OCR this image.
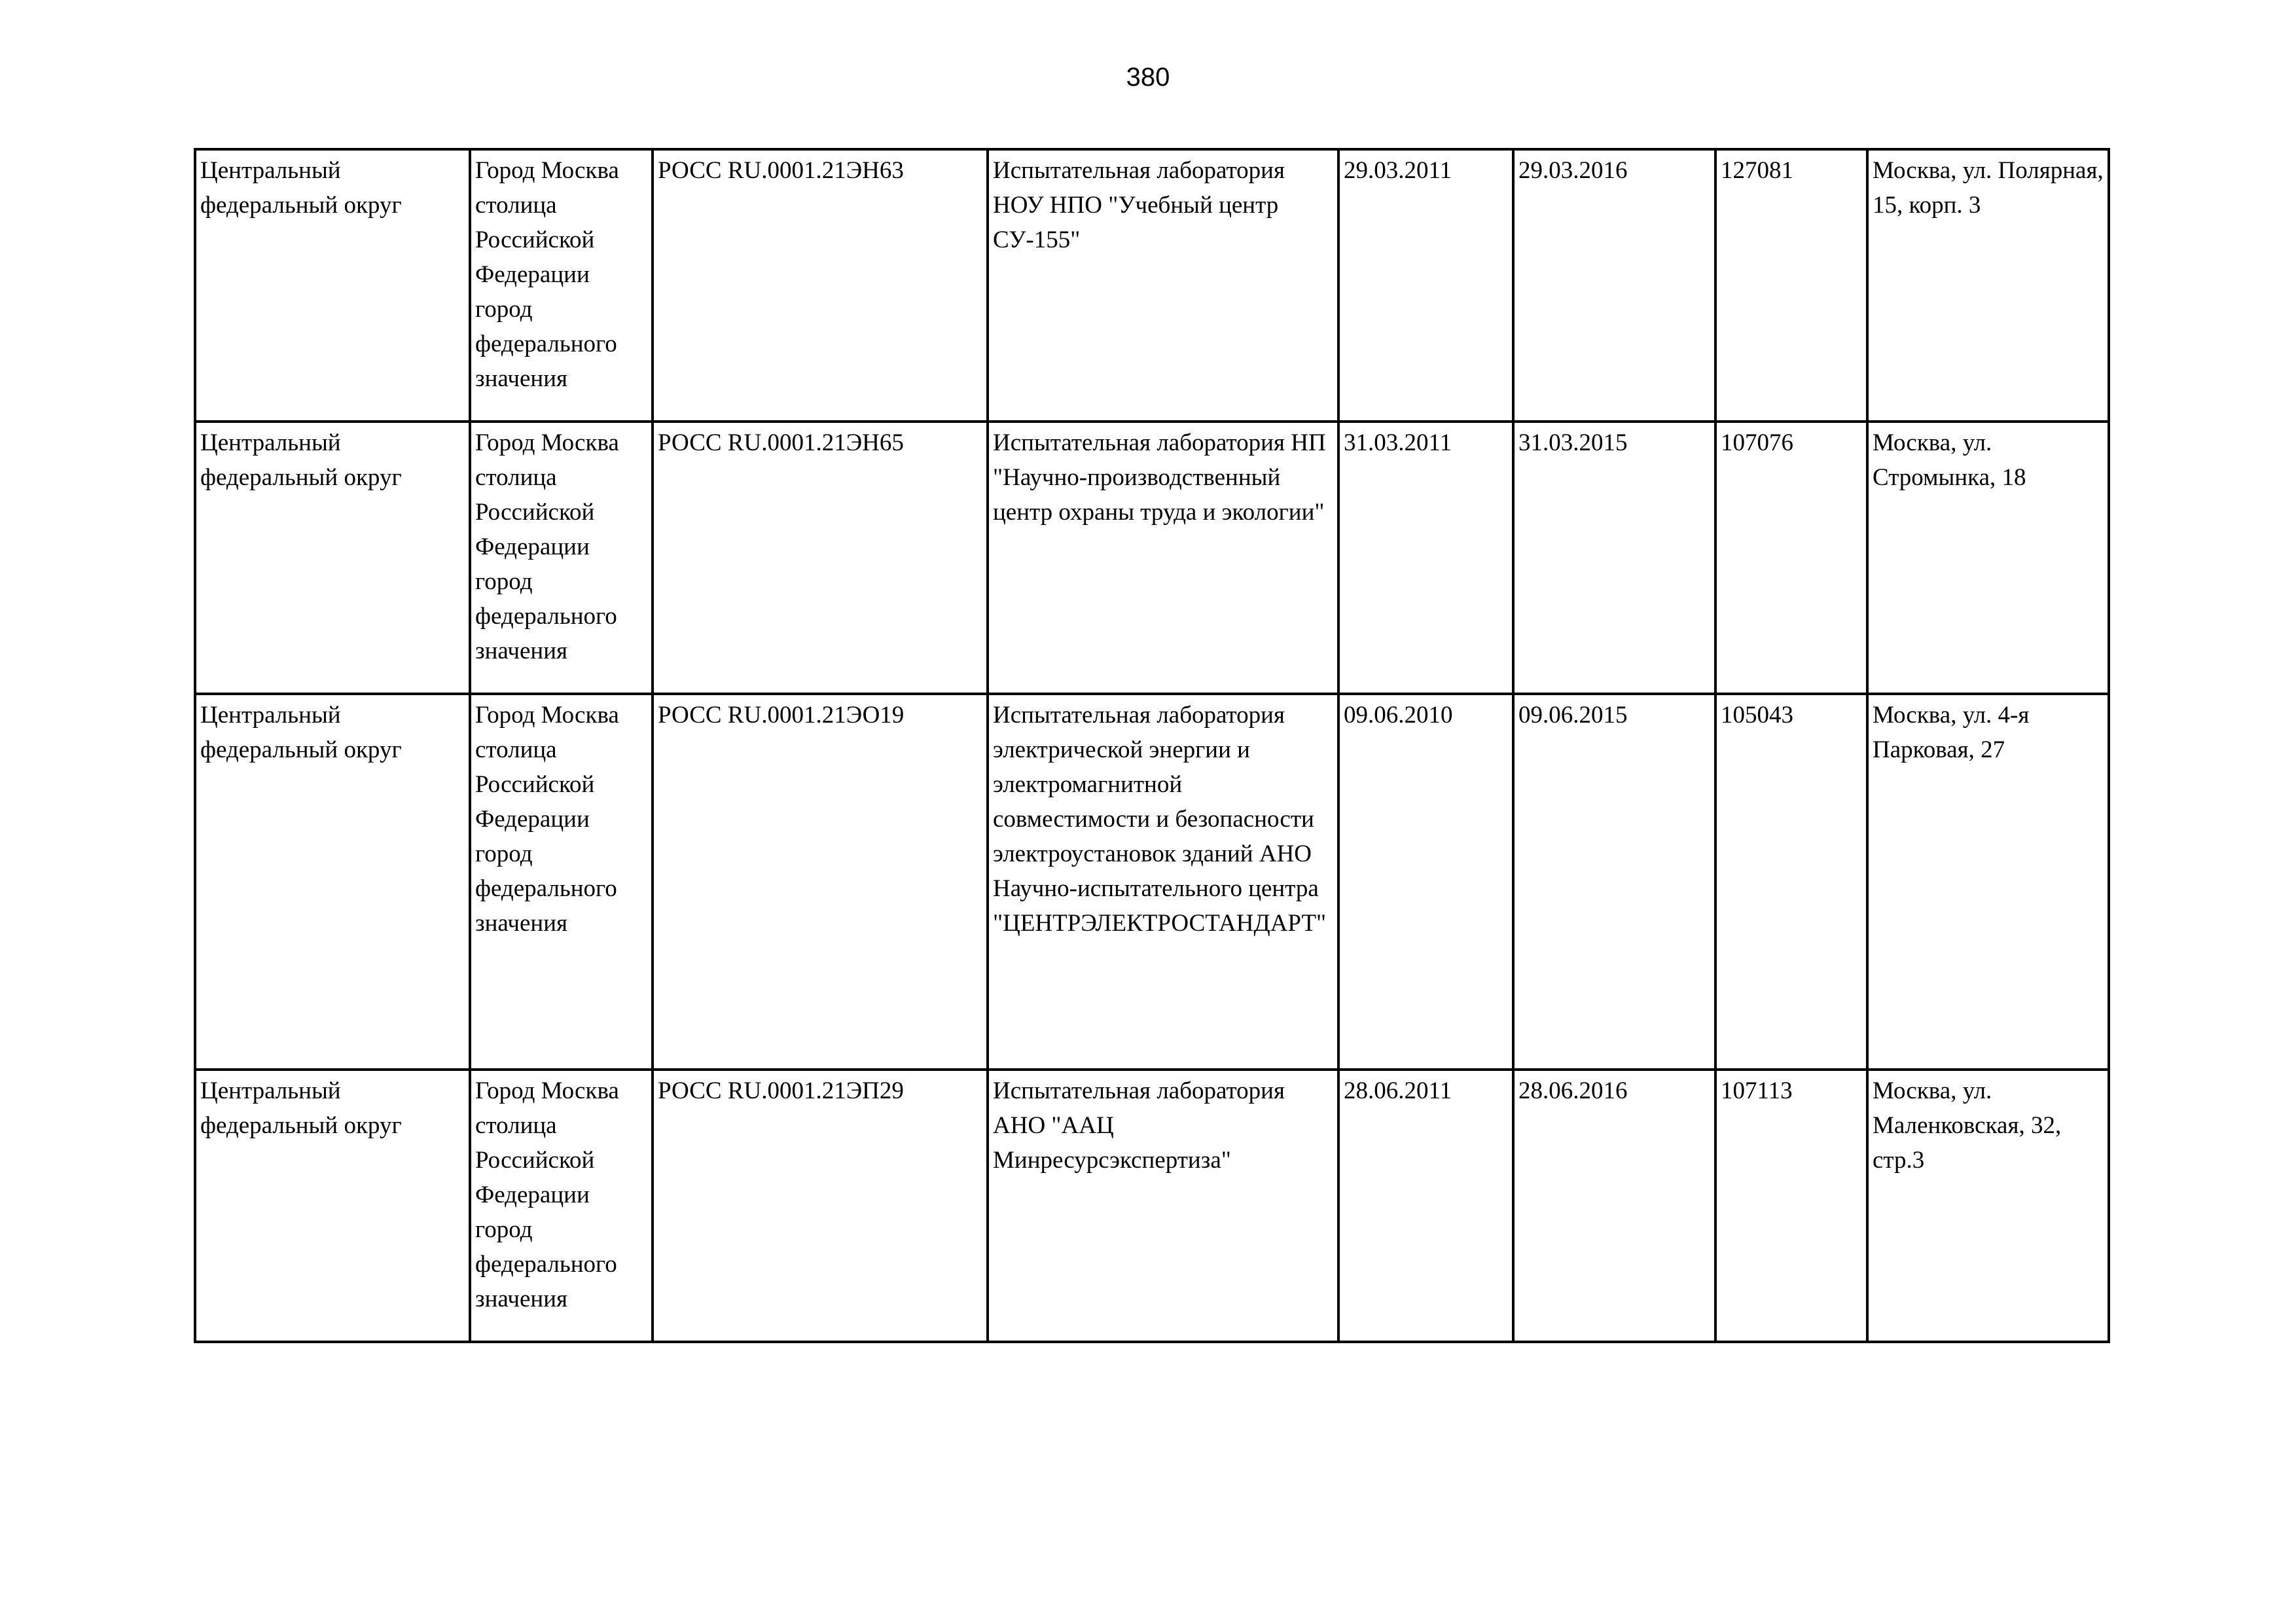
380
Центральный федеральный округ	Город Москва столица Российской Федерации город федерального значения	РОСС RU.0001.21ЭН63	Испытательная лаборатория НОУ НПО "Учебный центр СУ-155"	29.03.2011	29.03.2016	127081	Москва, ул. Полярная, 15, корп. 3

Центральный федеральный округ	Город Москва столица Российской Федерации город федерального значения	РОСС RU.0001.21ЭН65	Испытательная лаборатория НП "Научно-производственный центр охраны труда и экологии"	31.03.2011	31.03.2015	107076	Москва, ул. Стромынка, 18

Центральный федеральный округ	Город Москва столица Российской Федерации город федерального значения	РОСС RU.0001.21ЭО19	Испытательная лаборатория электрической энергии и электромагнитной совместимости и безопасности электроустановок зданий АНО Научно-испытательного центра "ЦЕНТРЭЛЕКТРОСТАНДАРТ"	09.06.2010	09.06.2015	105043	Москва, ул. 4-я Парковая, 27

Центральный федеральный округ	Город Москва столица Российской Федерации город федерального значения	РОСС RU.0001.21ЭП29	Испытательная лаборатория АНО "ААЦ Минресурсэкспертиза"	28.06.2011	28.06.2016	107113	Москва, ул. Маленковская, 32, стр.3
